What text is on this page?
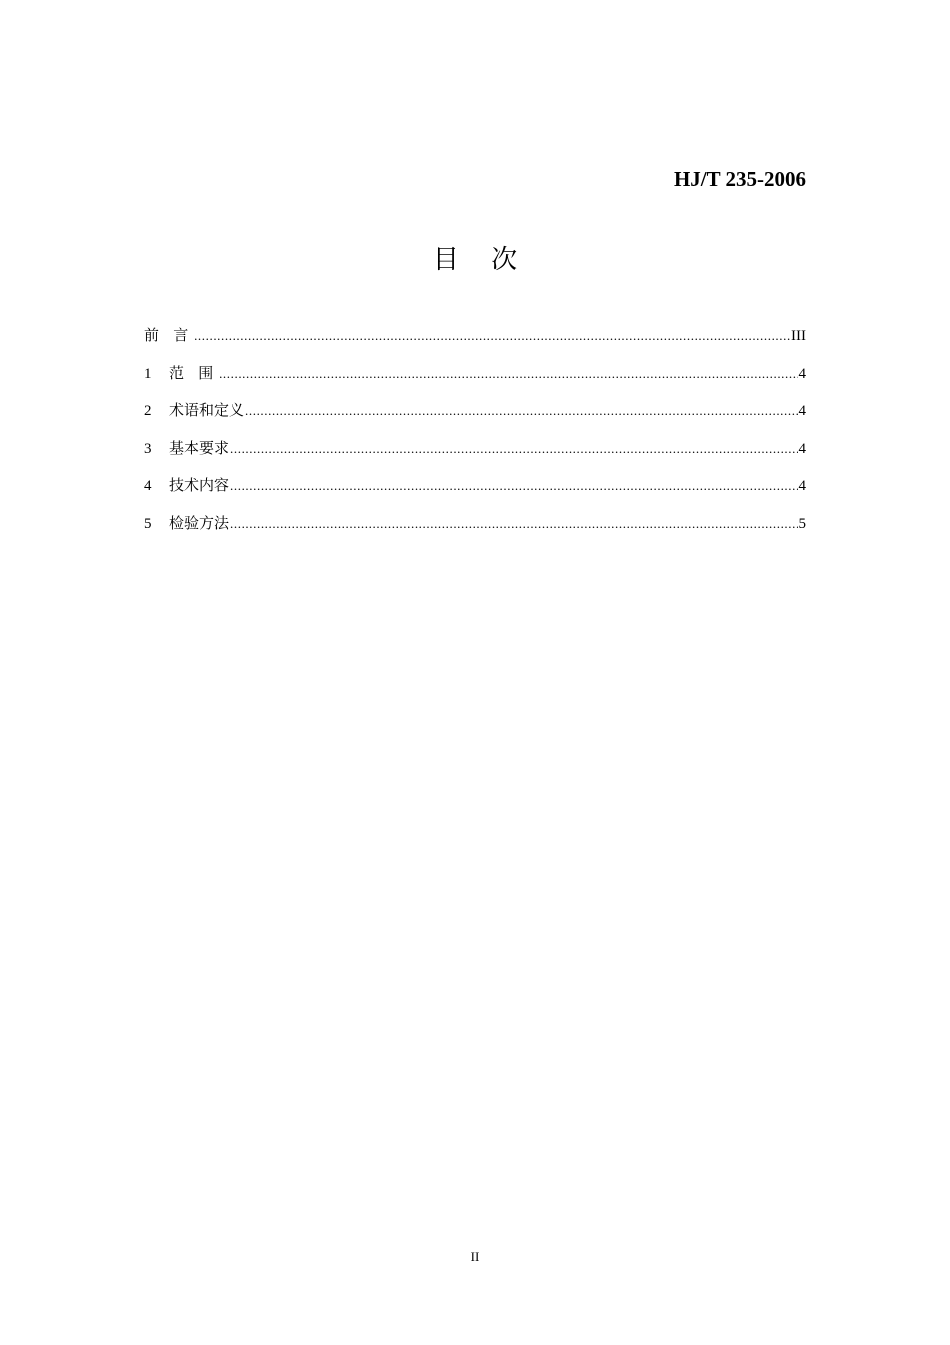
HJ/T 235-2006
目 次
前   言 .....	III
1	范   围 .....	4
2	术语和定义 .....	4
3	基本要求 .....	4
4	技术内容 .....	4
5	检验方法 .....	5
II
